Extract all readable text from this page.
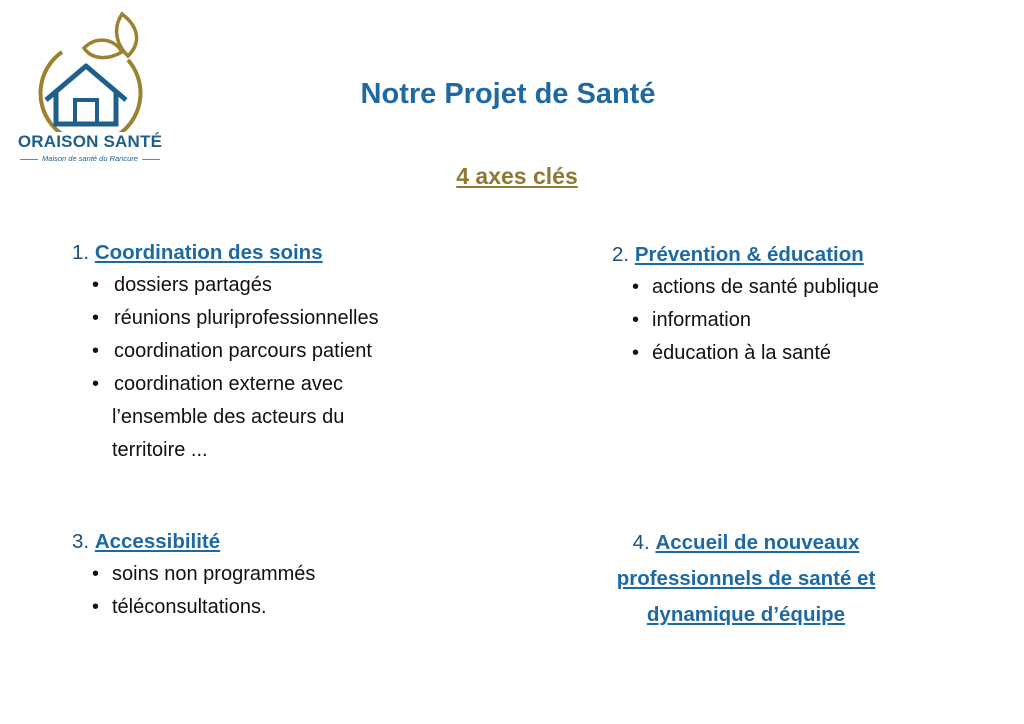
ORAISON SANTÉ
Maison de santé du Rancure
Notre Projet de Santé
4 axes clés
1. Coordination des soins
• dossiers partagés
• réunions pluriprofessionnelles
• coordination parcours patient
• coordination externe avec
l’ensemble des acteurs du
territoire ...
2. Prévention & éducation
• actions de santé publique
• information
• éducation à la santé
3. Accessibilité
• soins non programmés
• téléconsultations.
4. Accueil de nouveaux
professionnels de santé et
dynamique d’équipe
